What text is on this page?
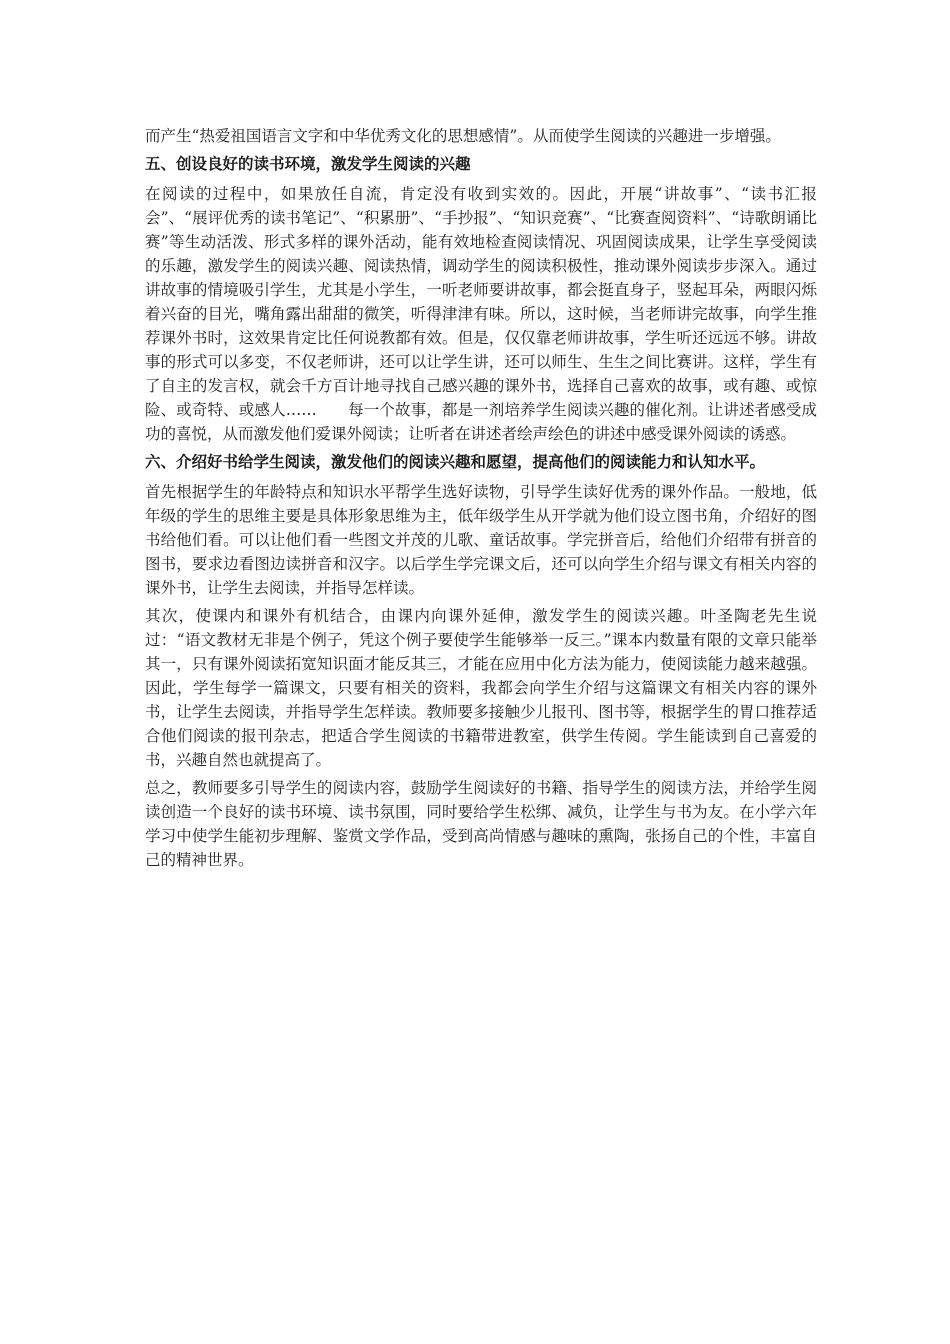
而产生“热爱祖国语言文字和中华优秀文化的思想感情”。从而使学生阅读的兴趣进一步增强。

五、创设良好的读书环境，激发学生阅读的兴趣

在阅读的过程中，如果放任自流，肯定没有收到实效的。因此，开展“讲故事”、“读书汇报会”、“展评优秀的读书笔记”、“积累册”、“手抄报”、“知识竞赛”、“比赛查阅资料”、“诗歌朗诵比赛”等生动活泼、形式多样的课外活动，能有效地检查阅读情况、巩固阅读成果，让学生享受阅读的乐趣，激发学生的阅读兴趣、阅读热情，调动学生的阅读积极性，推动课外阅读步步深入。通过讲故事的情境吸引学生，尤其是小学生，一听老师要讲故事，都会挺直身子，竖起耳朵，两眼闪烁着兴奋的目光，嘴角露出甜甜的微笑，听得津津有味。所以，这时候，当老师讲完故事，向学生推荐课外书时，这效果肯定比任何说教都有效。但是，仅仅靠老师讲故事，学生听还远远不够。讲故事的形式可以多变，不仅老师讲，还可以让学生讲，还可以师生、生生之间比赛讲。这样，学生有了自主的发言权，就会千方百计地寻找自己感兴趣的课外书，选择自己喜欢的故事，或有趣、或惊险、或奇特、或感人……　　每一个故事，都是一剂培养学生阅读兴趣的催化剂。让讲述者感受成功的喜悦，从而激发他们爱课外阅读；让听者在讲述者绘声绘色的讲述中感受课外阅读的诱惑。

六、介绍好书给学生阅读，激发他们的阅读兴趣和愿望，提高他们的阅读能力和认知水平。

首先根据学生的年龄特点和知识水平帮学生选好读物，引导学生读好优秀的课外作品。一般地，低年级的学生的思维主要是具体形象思维为主，低年级学生从开学就为他们设立图书角，介绍好的图书给他们看。可以让他们看一些图文并茂的儿歌、童话故事。学完拼音后，给他们介绍带有拼音的图书，要求边看图边读拼音和汉字。以后学生学完课文后，还可以向学生介绍与课文有相关内容的课外书，让学生去阅读，并指导怎样读。

其次，使课内和课外有机结合，由课内向课外延伸，激发学生的阅读兴趣。叶圣陶老先生说过：“语文教材无非是个例子，凭这个例子要使学生能够举一反三。”课本内数量有限的文章只能举其一，只有课外阅读拓宽知识面才能反其三，才能在应用中化方法为能力，使阅读能力越来越强。因此，学生每学一篇课文，只要有相关的资料，我都会向学生介绍与这篇课文有相关内容的课外书，让学生去阅读，并指导学生怎样读。教师要多接触少儿报刊、图书等，根据学生的胃口推荐适合他们阅读的报刊杂志，把适合学生阅读的书籍带进教室，供学生传阅。学生能读到自己喜爱的书，兴趣自然也就提高了。

总之，教师要多引导学生的阅读内容，鼓励学生阅读好的书籍、指导学生的阅读方法，并给学生阅读创造一个良好的读书环境、读书氛围，同时要给学生松绑、减负，让学生与书为友。在小学六年学习中使学生能初步理解、鉴赏文学作品，受到高尚情感与趣味的熏陶，张扬自己的个性，丰富自己的精神世界。
